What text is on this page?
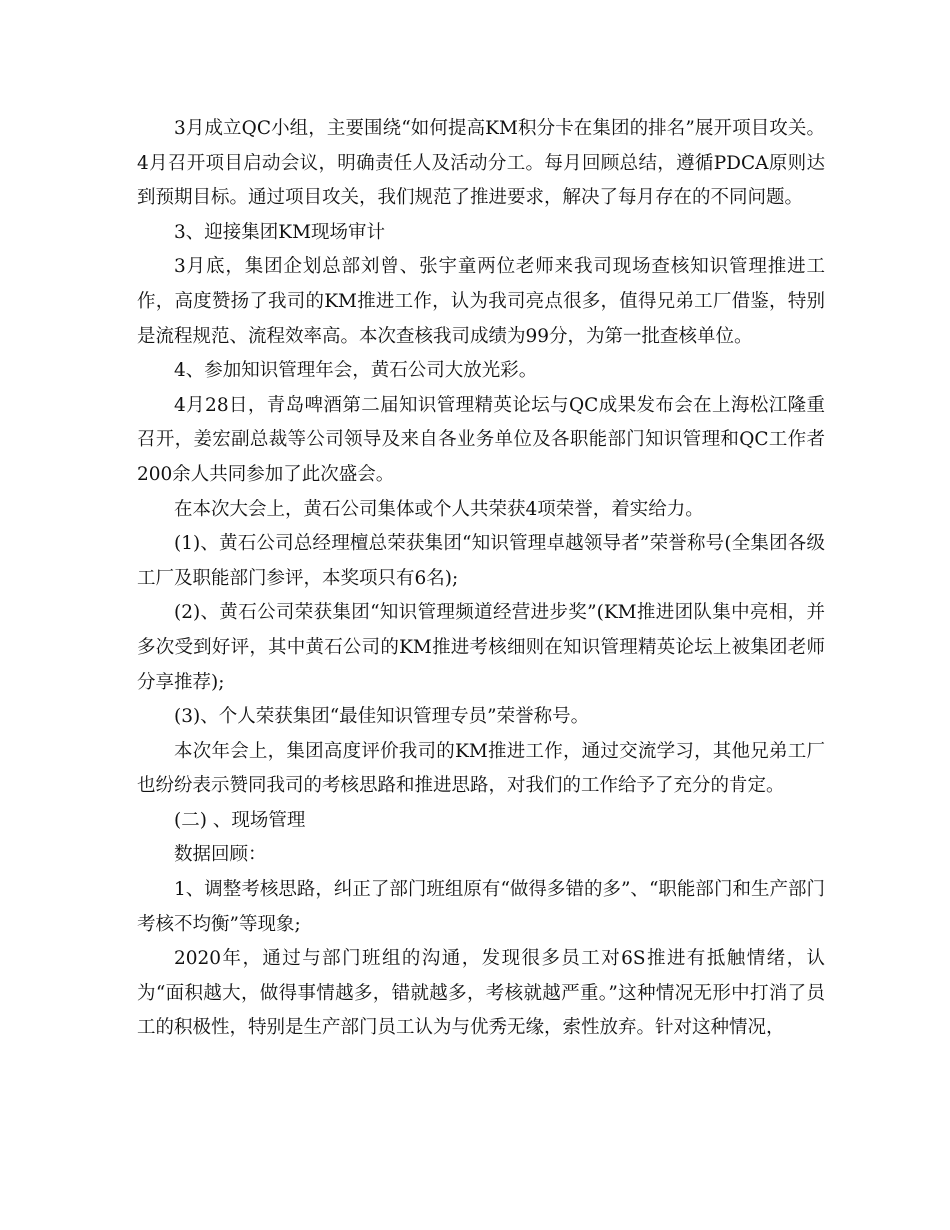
3月成立QC小组，主要围绕“如何提高KM积分卡在集团的排名”展开项目攻关。4月召开项目启动会议，明确责任人及活动分工。每月回顾总结，遵循PDCA原则达到预期目标。通过项目攻关，我们规范了推进要求，解决了每月存在的不同问题。

3、迎接集团KM现场审计

3月底，集团企划总部刘曾、张宇童两位老师来我司现场查核知识管理推进工作，高度赞扬了我司的KM推进工作，认为我司亮点很多，值得兄弟工厂借鉴，特别是流程规范、流程效率高。本次查核我司成绩为99分，为第一批查核单位。

4、参加知识管理年会，黄石公司大放光彩。

4月28日，青岛啤酒第二届知识管理精英论坛与QC成果发布会在上海松江隆重召开，姜宏副总裁等公司领导及来自各业务单位及各职能部门知识管理和QC工作者200余人共同参加了此次盛会。

在本次大会上，黄石公司集体或个人共荣获4项荣誉，着实给力。

(1)、黄石公司总经理檀总荣获集团“知识管理卓越领导者”荣誉称号(全集团各级工厂及职能部门参评，本奖项只有6名);

(2)、黄石公司荣获集团“知识管理频道经营进步奖”(KM推进团队集中亮相，并多次受到好评，其中黄石公司的KM推进考核细则在知识管理精英论坛上被集团老师分享推荐);

(3)、个人荣获集团“最佳知识管理专员”荣誉称号。

本次年会上，集团高度评价我司的KM推进工作，通过交流学习，其他兄弟工厂也纷纷表示赞同我司的考核思路和推进思路，对我们的工作给予了充分的肯定。

(二) 、现场管理

数据回顾：

1、调整考核思路，纠正了部门班组原有“做得多错的多”、“职能部门和生产部门考核不均衡”等现象;

2020年，通过与部门班组的沟通，发现很多员工对6S推进有抵触情绪，认为“面积越大，做得事情越多，错就越多，考核就越严重。”这种情况无形中打消了员工的积极性，特别是生产部门员工认为与优秀无缘，索性放弃。针对这种情况，
